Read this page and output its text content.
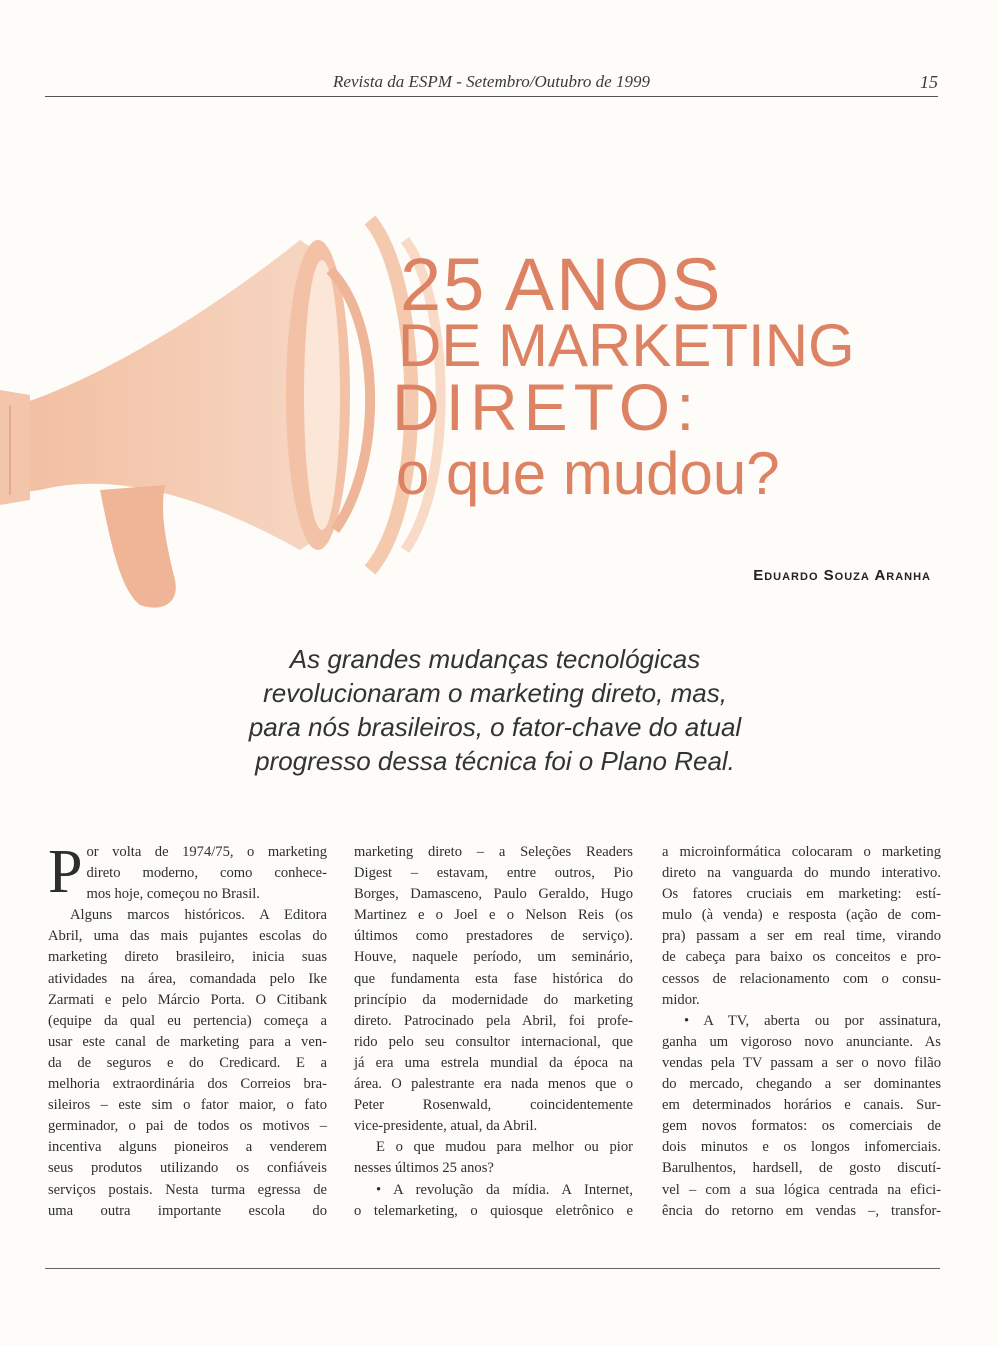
Revista da ESPM - Setembro/Outubro de 1999	15
25 ANOS
DE MARKETING
DIRETO:
o que mudou?
Eduardo Souza Aranha
As grandes mudanças tecnológicas
revolucionaram o marketing direto, mas,
para nós brasileiros, o fator-chave do atual
progresso dessa técnica foi o Plano Real.
P or volta de 1974/75, o marketing

direto moderno, como conhece-

mos hoje, começou no Brasil.

Alguns marcos históricos. A Editora

Abril, uma das mais pujantes escolas do

marketing direto brasileiro, inicia suas

atividades na área, comandada pelo Ike

Zarmati e pelo Márcio Porta. O Citibank

(equipe da qual eu pertencia) começa a

usar este canal de marketing para a ven-

da de seguros e do Credicard. E a

melhoria extraordinária dos Correios bra-

sileiros – este sim o fator maior, o fato

germinador, o pai de todos os motivos –

incentiva alguns pioneiros a venderem

seus produtos utilizando os confiáveis

serviços postais. Nesta turma egressa de

uma outra importante escola do

marketing direto – a Seleções Readers

Digest – estavam, entre outros, Pio

Borges, Damasceno, Paulo Geraldo, Hugo

Martinez e o Joel e o Nelson Reis (os

últimos como prestadores de serviço).

Houve, naquele período, um seminário,

que fundamenta esta fase histórica do

princípio da modernidade do marketing

direto. Patrocinado pela Abril, foi profe-

rido pelo seu consultor internacional, que

já era uma estrela mundial da época na

área. O palestrante era nada menos que o

Peter Rosenwald, coincidentemente

vice-presidente, atual, da Abril.

E o que mudou para melhor ou pior

nesses últimos 25 anos?

• A revolução da mídia. A Internet,

o telemarketing, o quiosque eletrônico e

a microinformática colocaram o marketing

direto na vanguarda do mundo interativo.

Os fatores cruciais em marketing: estí-

mulo (à venda) e resposta (ação de com-

pra) passam a ser em real time, virando

de cabeça para baixo os conceitos e pro-

cessos de relacionamento com o consu-

midor.

• A TV, aberta ou por assinatura,

ganha um vigoroso novo anunciante. As

vendas pela TV passam a ser o novo filão

do mercado, chegando a ser dominantes

em determinados horários e canais. Sur-

gem novos formatos: os comerciais de

dois minutos e os longos infomerciais.

Barulhentos, hardsell, de gosto discutí-

vel – com a sua lógica centrada na efici-

ência do retorno em vendas –, transfor-
